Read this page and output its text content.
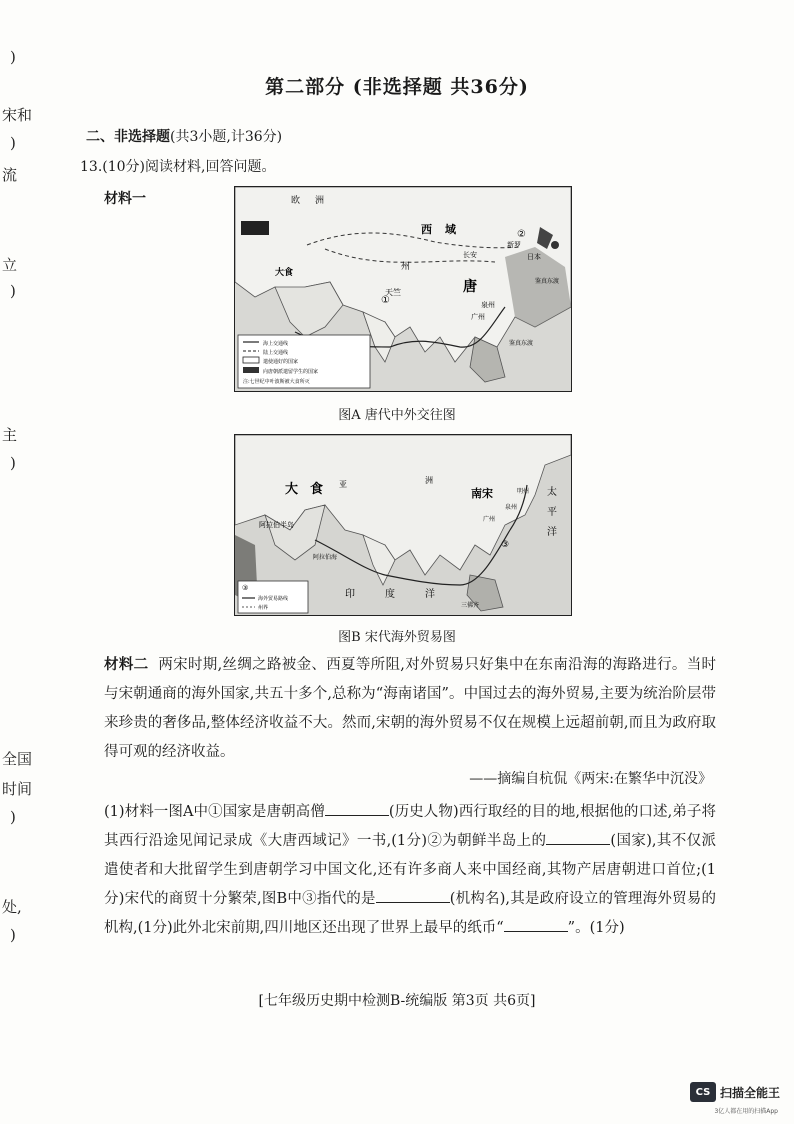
)
宋和
)
流
立
)
主
)
全国
时间
)
处,
)
第二部分 (非选择题 共36分)
二、非选择题(共3小题,计36分)
13.(10分)阅读材料,回答问题。
材料一
海上交通线
陆上交通线
遣使通好的国家
向唐朝派遣留学生的国家
注:七世纪中叶波斯被大食所灭
欧 洲
西 域
州
唐
长安	日本
新罗
广州
泉州
大食
天竺
①
②
鉴真东渡
鉴真东渡
图A 唐代中外交往图
③
海外贸易路线
州界
大 食 亚	洲
南宋	明州
泉州
广州
阿拉伯半岛
阿拉伯海
太
平
洋
印	度	洋
三佛齐
③
图B 宋代海外贸易图
材料二 两宋时期,丝绸之路被金、西夏等所阻,对外贸易只好集中在东南沿海的海路进行。当时与宋朝通商的海外国家,共五十多个,总称为“海南诸国”。中国过去的海外贸易,主要为统治阶层带来珍贵的奢侈品,整体经济收益不大。然而,宋朝的海外贸易不仅在规模上远超前朝,而且为政府取得可观的经济收益。
——摘编自杭侃《两宋:在繁华中沉没》
(1)材料一图A中①国家是唐朝高僧	(历史人物)西行取经的目的地,根据他的口述,弟子将其西行沿途见闻记录成《大唐西域记》一书,(1分)②为朝鲜半岛上的	(国家),其不仅派遣使者和大批留学生到唐朝学习中国文化,还有许多商人来中国经商,其物产居唐朝进口首位;(1分)宋代的商贸十分繁荣,图B中③指代的是	(机构名),其是政府设立的管理海外贸易的机构,(1分)此外北宋前期,四川地区还出现了世界上最早的纸币“	”。(1分)
[七年级历史期中检测B-统编版 第3页 共6页]
CS 扫描全能王
3亿人都在用的扫描App
